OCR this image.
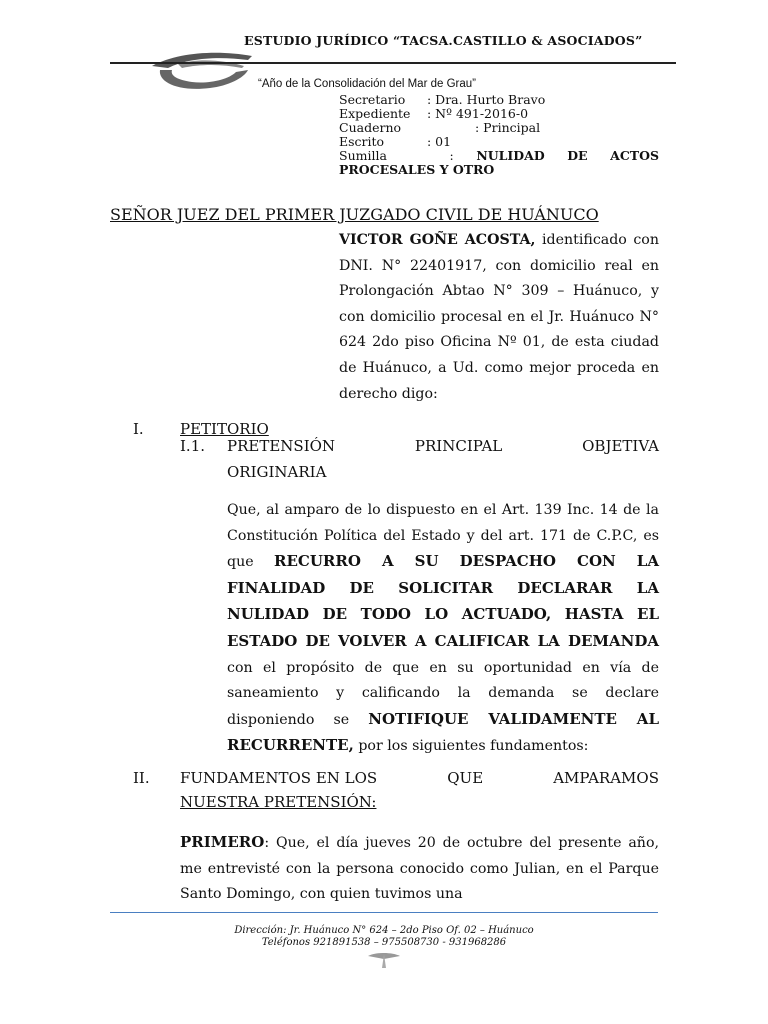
ESTUDIO JURÍDICO “TACSA.CASTILLO & ASOCIADOS”
“Año de la Consolidación del Mar de Grau”
Secretario : Dra. Hurto Bravo
Expediente : Nº 491-2016-0
Cuaderno	: Principal
Escrito	: 01
Sumilla	: NULIDAD DE ACTOS
PROCESALES Y OTRO
SEÑOR JUEZ DEL PRIMER JUZGADO CIVIL DE HUÁNUCO
VICTOR GOÑE ACOSTA, identificado con DNI. N° 22401917, con domicilio real en Prolongación Abtao N° 309 – Huánuco, y con domicilio procesal en el Jr. Huánuco N° 624 2do piso Oficina Nº 01, de esta ciudad de Huánuco, a Ud. como mejor proceda en derecho digo:
I. PETITORIO
I.1.	PRETENSIÓN	PRINCIPAL	OBJETIVA
ORIGINARIA
Que, al amparo de lo dispuesto en el Art. 139 Inc. 14 de la Constitución Política del Estado y del art. 171 de C.P.C, es que RECURRO A SU DESPACHO CON LA FINALIDAD DE SOLICITAR DECLARAR LA NULIDAD DE TODO LO ACTUADO, HASTA EL ESTADO DE VOLVER A CALIFICAR LA DEMANDA con el propósito de que en su oportunidad en vía de saneamiento y calificando la demanda se declare disponiendo se NOTIFIQUE VALIDAMENTE AL RECURRENTE, por los siguientes fundamentos:
II.	FUNDAMENTOS EN LOS	QUE	AMPARAMOS
NUESTRA PRETENSIÓN:
PRIMERO: Que, el día jueves 20 de octubre del presente año, me entrevisté con la persona conocido como Julian, en el Parque Santo Domingo, con quien tuvimos una
Dirección: Jr. Huánuco N° 624 – 2do Piso Of. 02 – Huánuco
Teléfonos 921891538 – 975508730 - 931968286
